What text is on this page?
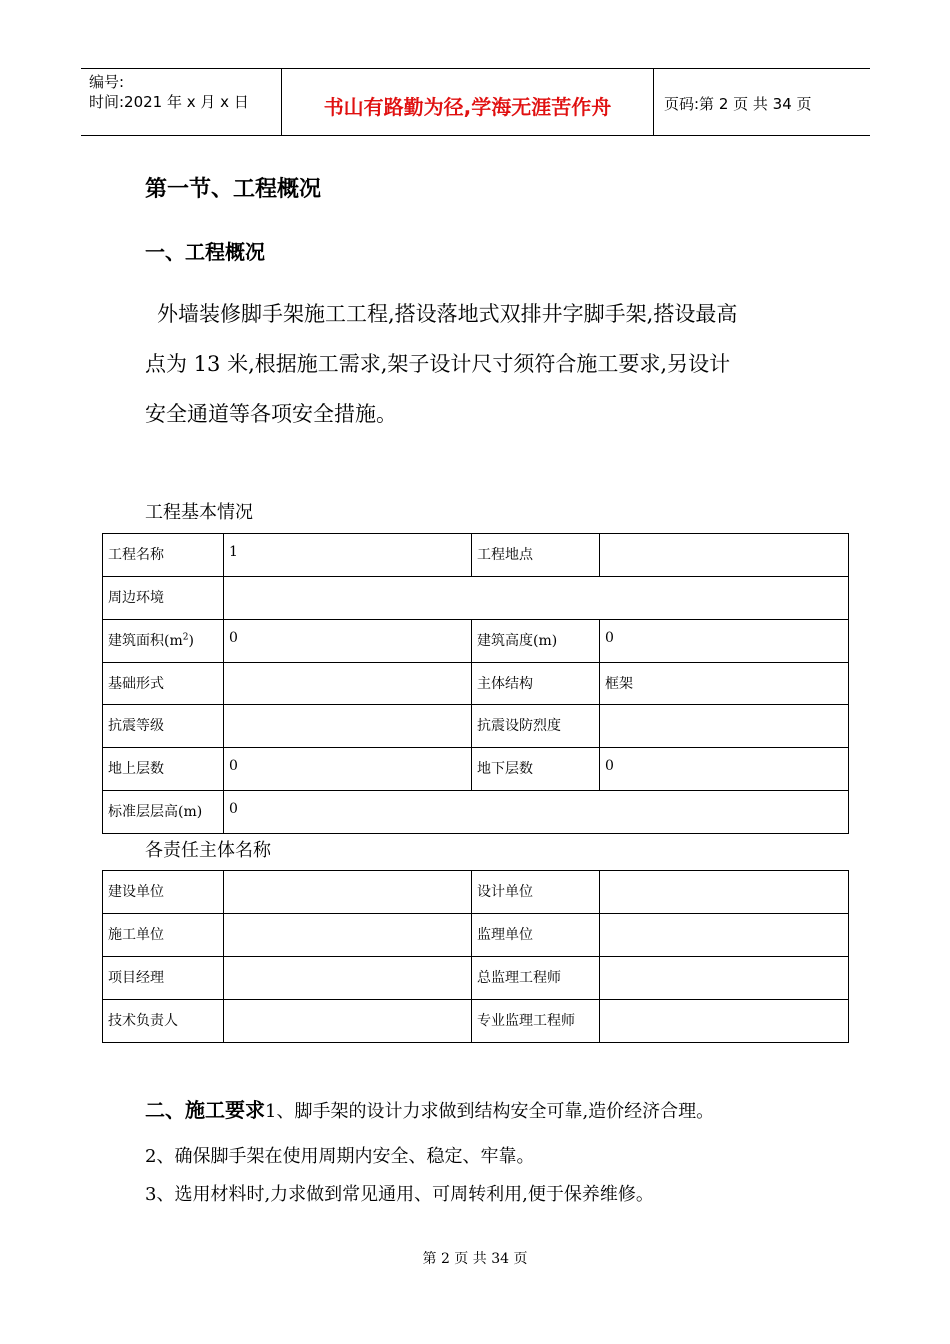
编号:
时间:2021 年 x 月 x 日	书山有路勤为径,学海无涯苦作舟	页码:第 2 页 共 34 页
第一节、工程概况
一、工程概况
外墙装修脚手架施工工程,搭设落地式双排井字脚手架,搭设最高
点为 13 米,根据施工需求,架子设计尺寸须符合施工要求,另设计
安全通道等各项安全措施。
工程基本情况
工程名称	1	工程地点	
周边环境			
建筑面积$(m^2)$	0	建筑高度(m)	0
基础形式		主体结构	框架
抗震等级		抗震设防烈度	
地上层数	0	地下层数	0
标准层层高(m)	0		
各责任主体名称
建设单位		设计单位	
施工单位		监理单位	
项目经理		总监理工程师	
技术负责人		专业监理工程师	
二、施工要求1、脚手架的设计力求做到结构安全可靠,造价经济合理。
2、确保脚手架在使用周期内安全、稳定、牢靠。
3、选用材料时,力求做到常见通用、可周转利用,便于保养维修。
第 2 页 共 34 页
